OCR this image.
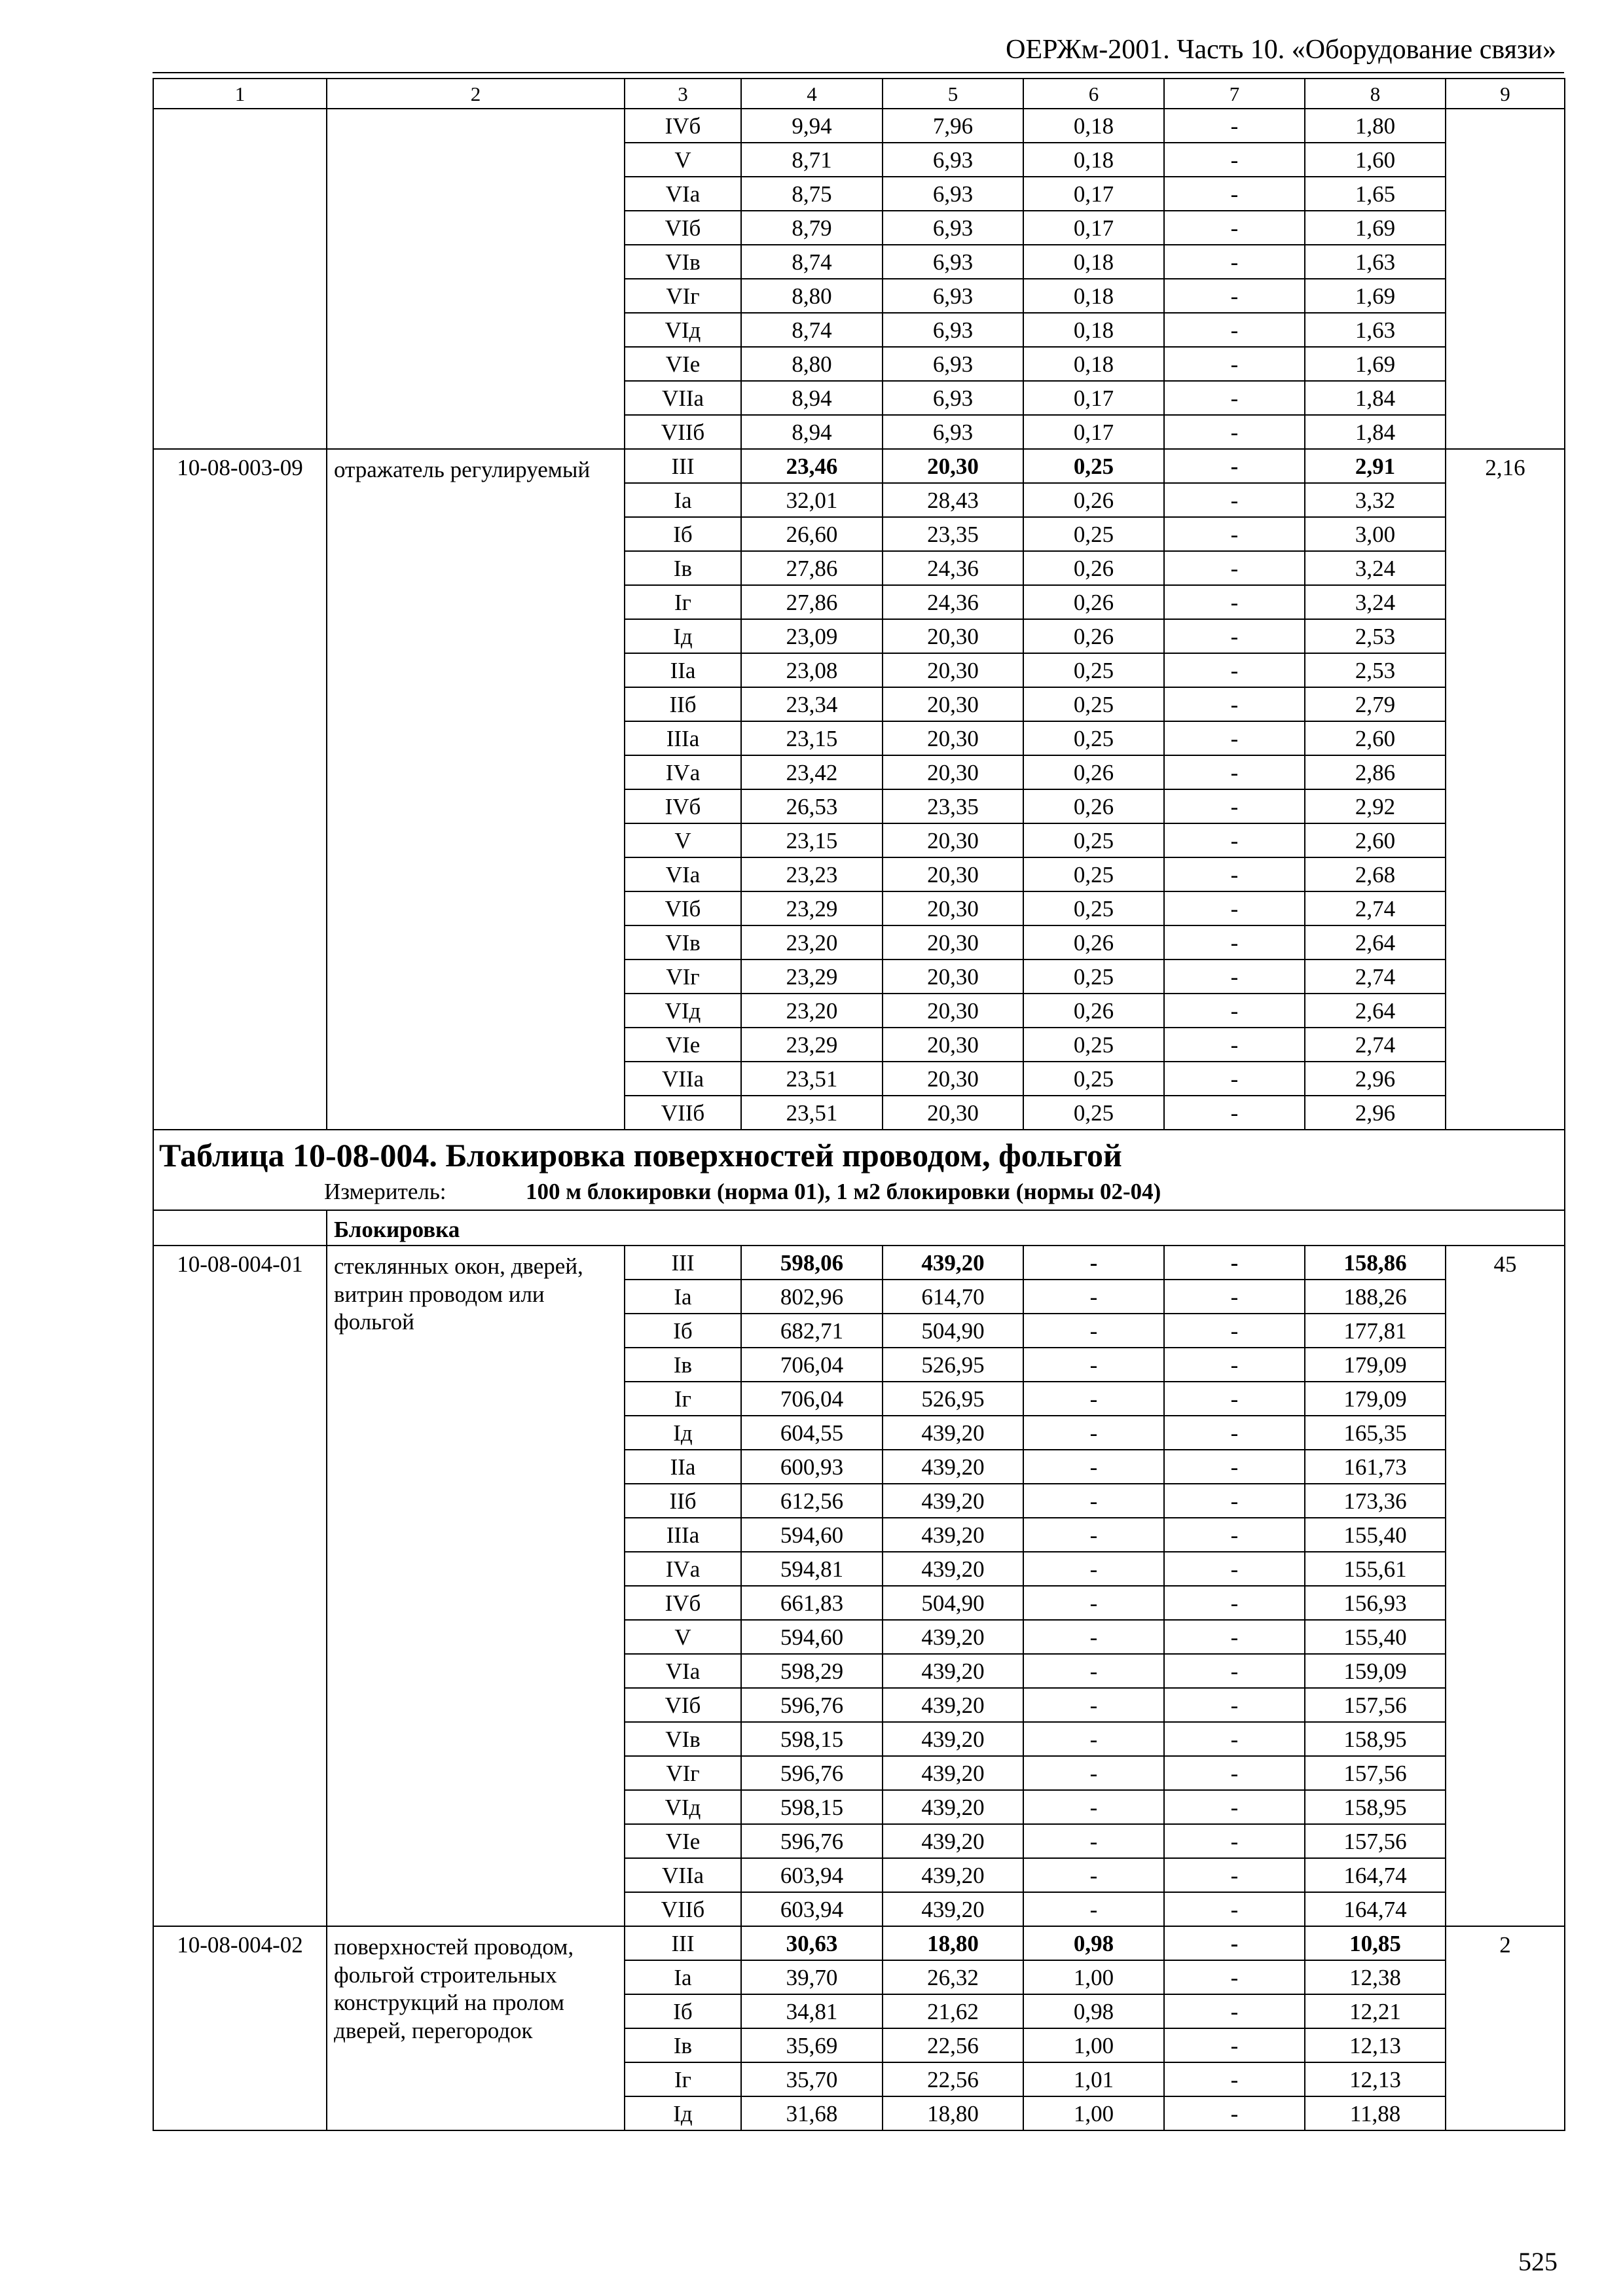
ОЕРЖм-2001. Часть 10. «Оборудование связи»
1	2	3	4	5	6	7	8	9
		IVб	9,94	7,96	0,18	-	1,80	
		V	8,71	6,93	0,18	-	1,60	
		VIа	8,75	6,93	0,17	-	1,65	
		VIб	8,79	6,93	0,17	-	1,69	
		VIв	8,74	6,93	0,18	-	1,63	
		VIг	8,80	6,93	0,18	-	1,69	
		VIд	8,74	6,93	0,18	-	1,63	
		VIе	8,80	6,93	0,18	-	1,69	
		VIIа	8,94	6,93	0,17	-	1,84	
		VIIб	8,94	6,93	0,17	-	1,84	
10-08-003-09	отражатель регулируемый	III	23,46	20,30	0,25	-	2,91	2,16
		Iа	32,01	28,43	0,26	-	3,32	
		Iб	26,60	23,35	0,25	-	3,00	
		Iв	27,86	24,36	0,26	-	3,24	
		Iг	27,86	24,36	0,26	-	3,24	
		Iд	23,09	20,30	0,26	-	2,53	
		IIа	23,08	20,30	0,25	-	2,53	
		IIб	23,34	20,30	0,25	-	2,79	
		IIIа	23,15	20,30	0,25	-	2,60	
		IVа	23,42	20,30	0,26	-	2,86	
		IVб	26,53	23,35	0,26	-	2,92	
		V	23,15	20,30	0,25	-	2,60	
		VIа	23,23	20,30	0,25	-	2,68	
		VIб	23,29	20,30	0,25	-	2,74	
		VIв	23,20	20,30	0,26	-	2,64	
		VIг	23,29	20,30	0,25	-	2,74	
		VIд	23,20	20,30	0,26	-	2,64	
		VIе	23,29	20,30	0,25	-	2,74	
		VIIа	23,51	20,30	0,25	-	2,96	
		VIIб	23,51	20,30	0,25	-	2,96	
Таблица 10-08-004. Блокировка поверхностей проводом, фольгой								
Измеритель: 100 м блокировки (норма 01), 1 м2 блокировки (нормы 02-04)								
	Блокировка							
10-08-004-01	стеклянных окон, дверей, витрин проводом или фольгой	III	598,06	439,20	-	-	158,86	45
		Iа	802,96	614,70	-	-	188,26	
		Iб	682,71	504,90	-	-	177,81	
		Iв	706,04	526,95	-	-	179,09	
		Iг	706,04	526,95	-	-	179,09	
		Iд	604,55	439,20	-	-	165,35	
		IIа	600,93	439,20	-	-	161,73	
		IIб	612,56	439,20	-	-	173,36	
		IIIа	594,60	439,20	-	-	155,40	
		IVа	594,81	439,20	-	-	155,61	
		IVб	661,83	504,90	-	-	156,93	
		V	594,60	439,20	-	-	155,40	
		VIа	598,29	439,20	-	-	159,09	
		VIб	596,76	439,20	-	-	157,56	
		VIв	598,15	439,20	-	-	158,95	
		VIг	596,76	439,20	-	-	157,56	
		VIд	598,15	439,20	-	-	158,95	
		VIе	596,76	439,20	-	-	157,56	
		VIIа	603,94	439,20	-	-	164,74	
		VIIб	603,94	439,20	-	-	164,74	
10-08-004-02	поверхностей проводом, фольгой строительных конструкций на пролом дверей, перегородок	III	30,63	18,80	0,98	-	10,85	2
		Iа	39,70	26,32	1,00	-	12,38	
		Iб	34,81	21,62	0,98	-	12,21	
		Iв	35,69	22,56	1,00	-	12,13	
		Iг	35,70	22,56	1,01	-	12,13	
		Iд	31,68	18,80	1,00	-	11,88	
525
